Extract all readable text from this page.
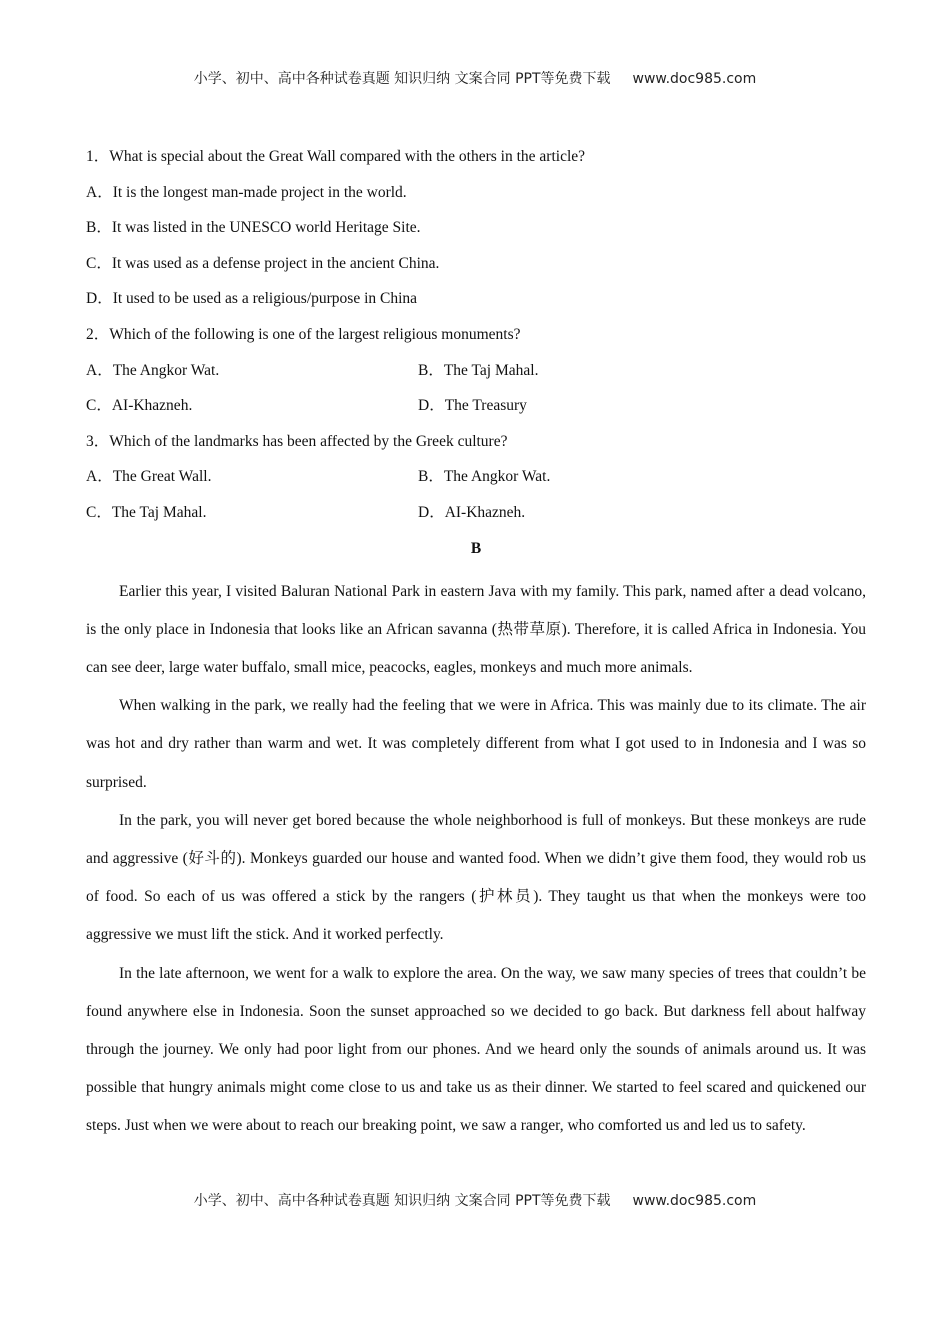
小学、初中、高中各种试卷真题 知识归纳 文案合同 PPT等免费下载 www.doc985.com
1．What is special about the Great Wall compared with the others in the article?
A．It is the longest man-made project in the world.
B．It was listed in the UNESCO world Heritage Site.
C．It was used as a defense project in the ancient China.
D．It used to be used as a religious/purpose in China
2．Which of the following is one of the largest religious monuments?
A．The Angkor Wat.	B．The Taj Mahal.
C．AI-Khazneh.	D．The Treasury
3．Which of the landmarks has been affected by the Greek culture?
A．The Great Wall.	B．The Angkor Wat.
C．The Taj Mahal.	D．AI-Khazneh.
B

Earlier this year, I visited Baluran National Park in eastern Java with my family. This park, named after a dead volcano, is the only place in Indonesia that looks like an African savanna (热带草原). Therefore, it is called Africa in Indonesia. You can see deer, large water buffalo, small mice, peacocks, eagles, monkeys and much more animals.

When walking in the park, we really had the feeling that we were in Africa. This was mainly due to its climate. The air was hot and dry rather than warm and wet. It was completely different from what I got used to in Indonesia and I was so surprised.

In the park, you will never get bored because the whole neighborhood is full of monkeys. But these monkeys are rude and aggressive (好斗的). Monkeys guarded our house and wanted food. When we didn’t give them food, they would rob us of food. So each of us was offered a stick by the rangers (护林员). They taught us that when the monkeys were too aggressive we must lift the stick. And it worked perfectly.

In the late afternoon, we went for a walk to explore the area. On the way, we saw many species of trees that couldn’t be found anywhere else in Indonesia. Soon the sunset approached so we decided to go back. But darkness fell about halfway through the journey. We only had poor light from our phones. And we heard only the sounds of animals around us. It was possible that hungry animals might come close to us and take us as their dinner. We started to feel scared and quickened our steps. Just when we were about to reach our breaking point, we saw a ranger, who comforted us and led us to safety.

小学、初中、高中各种试卷真题 知识归纳 文案合同 PPT等免费下载 www.doc985.com
